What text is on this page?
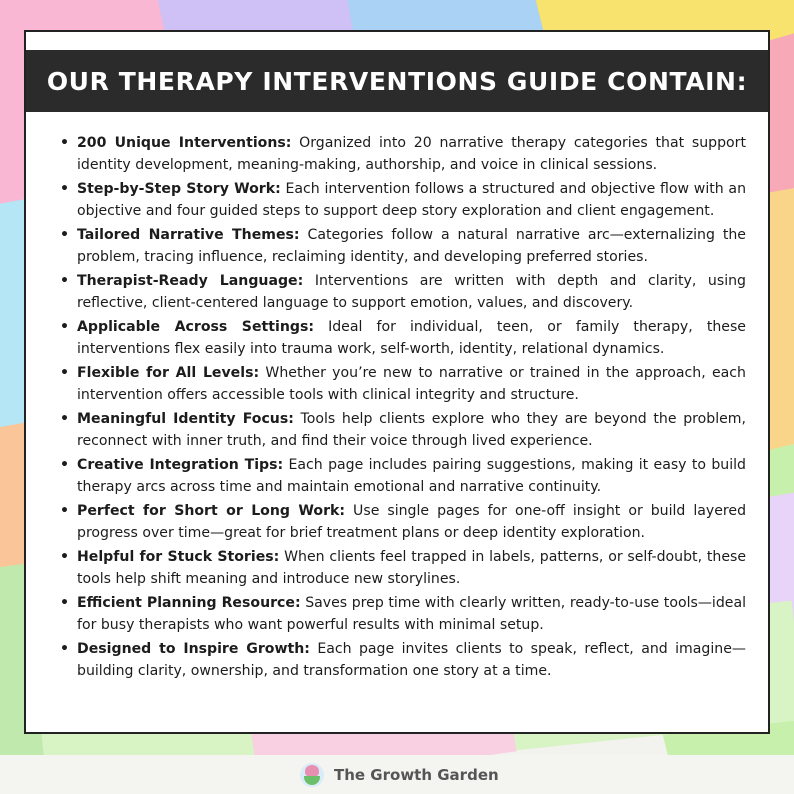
OUR THERAPY INTERVENTIONS GUIDE CONTAIN:
• 200 Unique Interventions: Organized into 20 narrative therapy categories that support identity development, meaning-making, authorship, and voice in clinical sessions.
• Step-by-Step Story Work: Each intervention follows a structured and objective flow with an objective and four guided steps to support deep story exploration and client engagement.
• Tailored Narrative Themes: Categories follow a natural narrative arc—externalizing the problem, tracing influence, reclaiming identity, and developing preferred stories.
• Therapist-Ready Language: Interventions are written with depth and clarity, using reflective, client-centered language to support emotion, values, and discovery.
• Applicable Across Settings: Ideal for individual, teen, or family therapy, these interventions flex easily into trauma work, self-worth, identity, relational dynamics.
• Flexible for All Levels: Whether you’re new to narrative or trained in the approach, each intervention offers accessible tools with clinical integrity and structure.
• Meaningful Identity Focus: Tools help clients explore who they are beyond the problem, reconnect with inner truth, and find their voice through lived experience.
• Creative Integration Tips: Each page includes pairing suggestions, making it easy to build therapy arcs across time and maintain emotional and narrative continuity.
• Perfect for Short or Long Work: Use single pages for one-off insight or build layered progress over time—great for brief treatment plans or deep identity exploration.
• Helpful for Stuck Stories: When clients feel trapped in labels, patterns, or self-doubt, these tools help shift meaning and introduce new storylines.
• Efficient Planning Resource: Saves prep time with clearly written, ready-to-use tools—ideal for busy therapists who want powerful results with minimal setup.
• Designed to Inspire Growth: Each page invites clients to speak, reflect, and imagine—building clarity, ownership, and transformation one story at a time.
The Growth Garden
